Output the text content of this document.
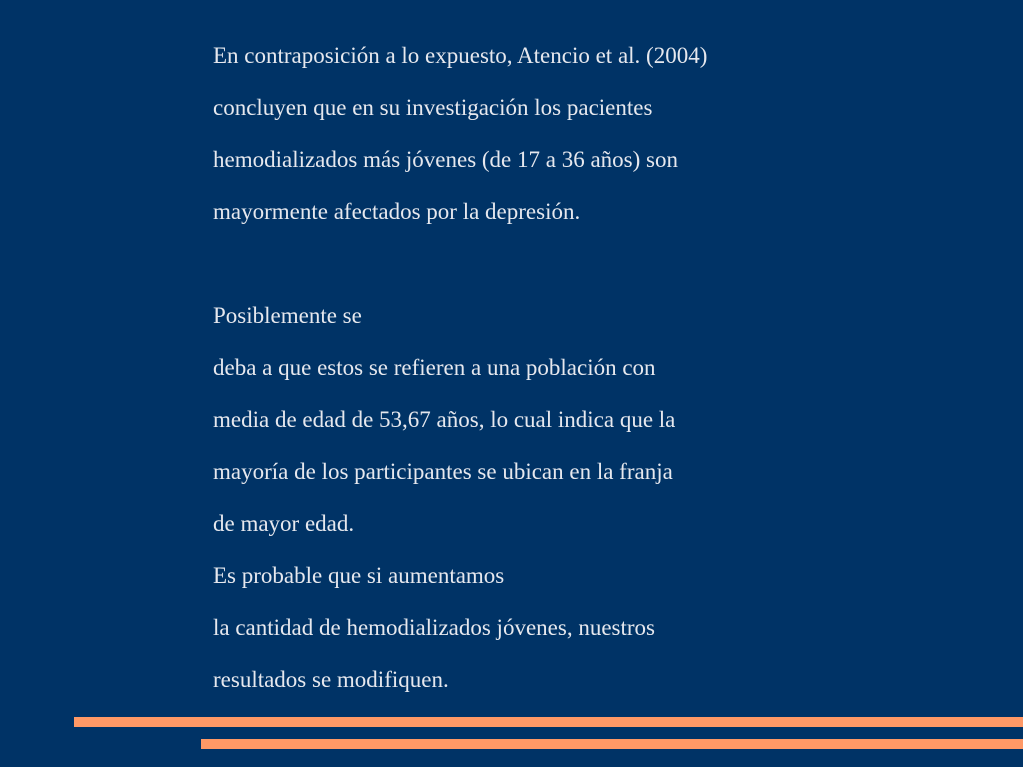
En contraposición a lo expuesto, Atencio et al. (2004)
concluyen que en su investigación los pacientes
hemodializados más jóvenes (de 17 a 36 años) son
mayormente afectados por la depresión.
Posiblemente se
deba a que estos se refieren a una población con
media de edad de 53,67 años, lo cual indica que la
mayoría de los participantes se ubican en la franja
de mayor edad.
Es probable que si aumentamos
la cantidad de hemodializados jóvenes, nuestros
resultados se modifiquen.
